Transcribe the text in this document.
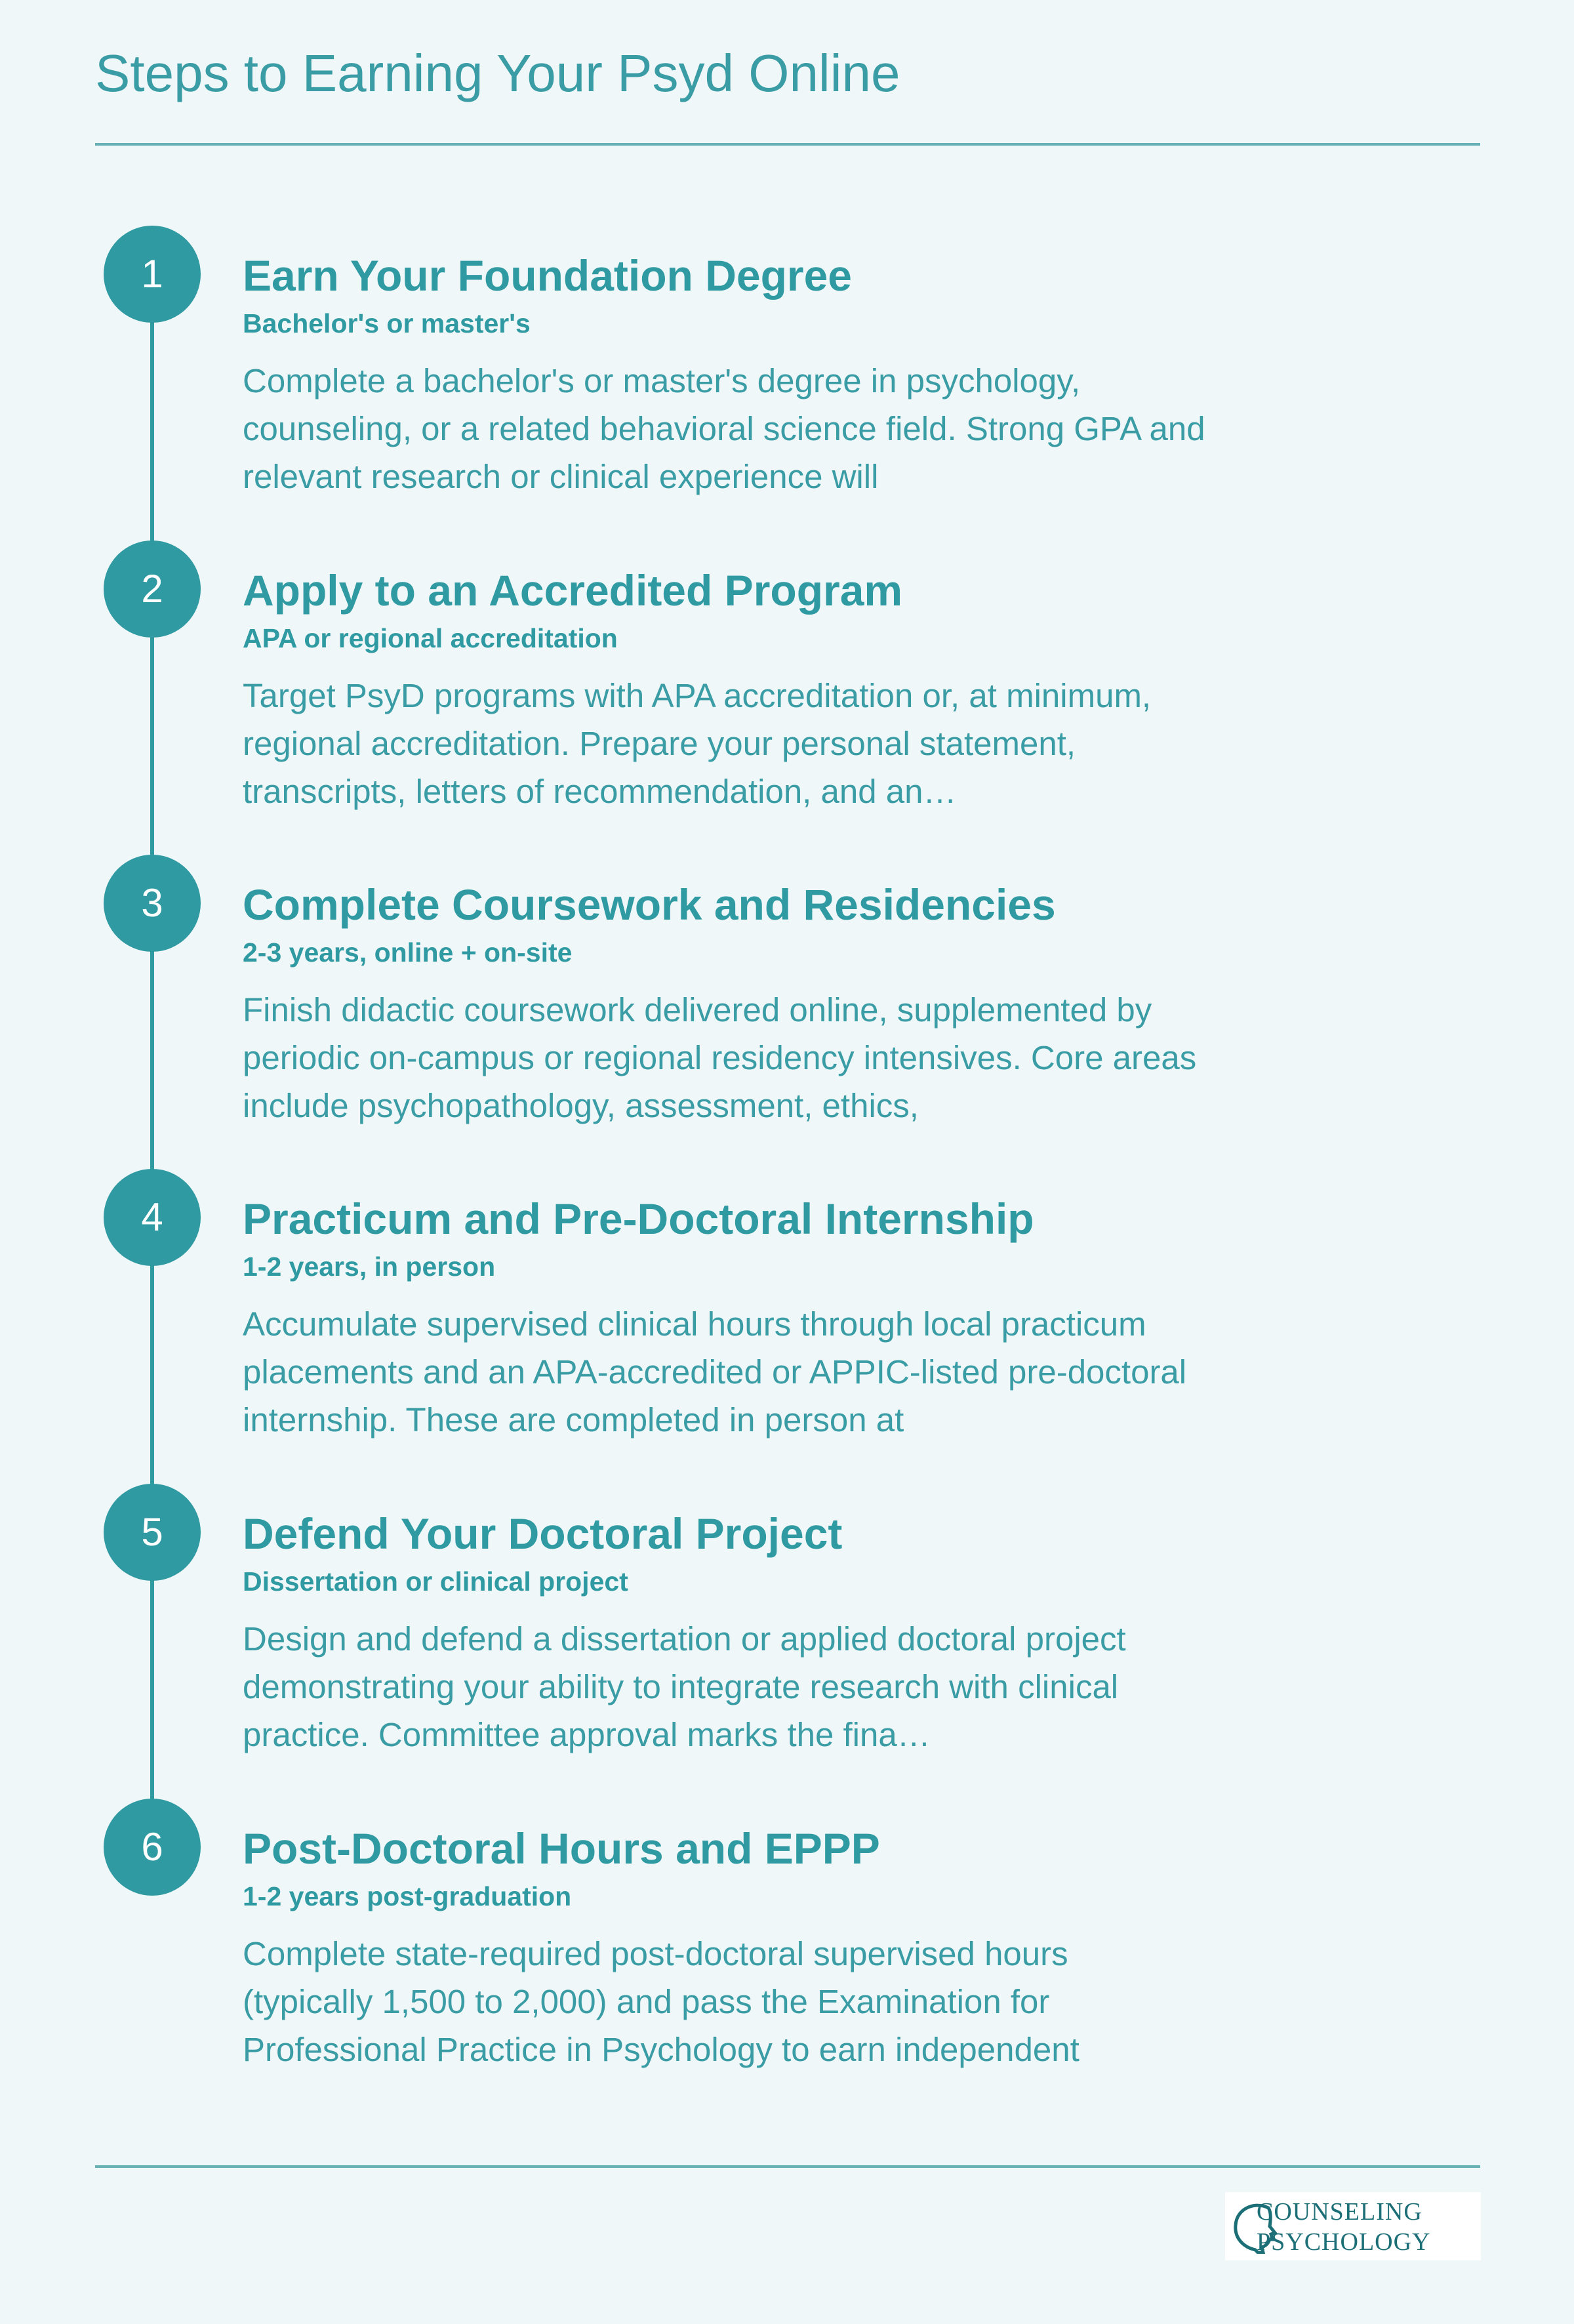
Steps to Earning Your Psyd Online
1	Earn Your Foundation Degree
Bachelor's or master's
Complete a bachelor's or master's degree in psychology, counseling, or a related behavioral science field. Strong GPA and relevant research or clinical experience will
2	Apply to an Accredited Program
APA or regional accreditation
Target PsyD programs with APA accreditation or, at minimum, regional accreditation. Prepare your personal statement, transcripts, letters of recommendation, and an…
3	Complete Coursework and Residencies
2-3 years, online + on-site
Finish didactic coursework delivered online, supplemented by periodic on-campus or regional residency intensives. Core areas include psychopathology, assessment, ethics,
4	Practicum and Pre-Doctoral Internship
1-2 years, in person
Accumulate supervised clinical hours through local practicum placements and an APA-accredited or APPIC-listed pre-doctoral internship. These are completed in person at
5	Defend Your Doctoral Project
Dissertation or clinical project
Design and defend a dissertation or applied doctoral project demonstrating your ability to integrate research with clinical practice. Committee approval marks the fina…
6	Post-Doctoral Hours and EPPP
1-2 years post-graduation
Complete state-required post-doctoral supervised hours (typically 1,500 to 2,000) and pass the Examination for Professional Practice in Psychology to earn independent
COUNSELING
PSYCHOLOGY
